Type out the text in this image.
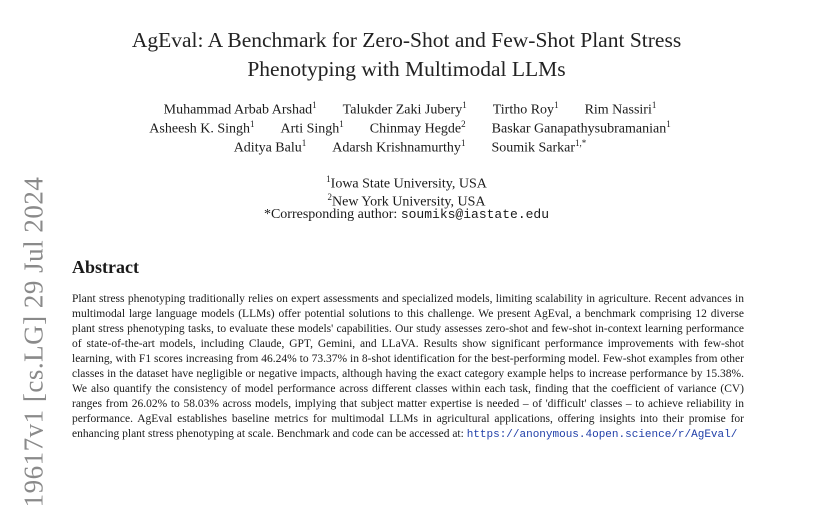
19617v1 [cs.LG] 29 Jul 2024
AgEval: A Benchmark for Zero-Shot and Few-Shot Plant Stress
Phenotyping with Multimodal LLMs
Muhammad Arbab Arshad$^1$ Talukder Zaki Jubery$^1$ Tirtho Roy$^1$ Rim Nassiri$^1$
Asheesh K. Singh$^1$ Arti Singh$^1$ Chinmay Hegde$^2$ Baskar Ganapathysubramanian$^1$
Aditya Balu$^1$ Adarsh Krishnamurthy$^1$ Soumik Sarkar$^{1,*}$
$^1$Iowa State University, USA
$^2$New York University, USA
*Corresponding author: soumiks@iastate.edu
Abstract

Plant stress phenotyping traditionally relies on expert assessments and specialized models, limiting scalability in agriculture. Recent advances in multimodal large language models (LLMs) offer potential solutions to this challenge. We present AgEval, a benchmark comprising 12 diverse plant stress phenotyping tasks, to evaluate these models' capabilities. Our study assesses zero-shot and few-shot in-context learning performance of state-of-the-art models, including Claude, GPT, Gemini, and LLaVA. Results show significant performance improvements with few-shot learning, with F1 scores increasing from 46.24% to 73.37% in 8-shot identification for the best-performing model. Few-shot examples from other classes in the dataset have negligible or negative impacts, although having the exact category example helps to increase performance by 15.38%. We also quantify the consistency of model performance across different classes within each task, finding that the coefficient of variance (CV) ranges from 26.02% to 58.03% across models, implying that subject matter expertise is needed – of 'difficult' classes – to achieve reliability in performance. AgEval establishes baseline metrics for multimodal LLMs in agricultural applications, offering insights into their promise for enhancing plant stress phenotyping at scale. Benchmark and code can be accessed at: https://anonymous.4open.science/r/AgEval/
